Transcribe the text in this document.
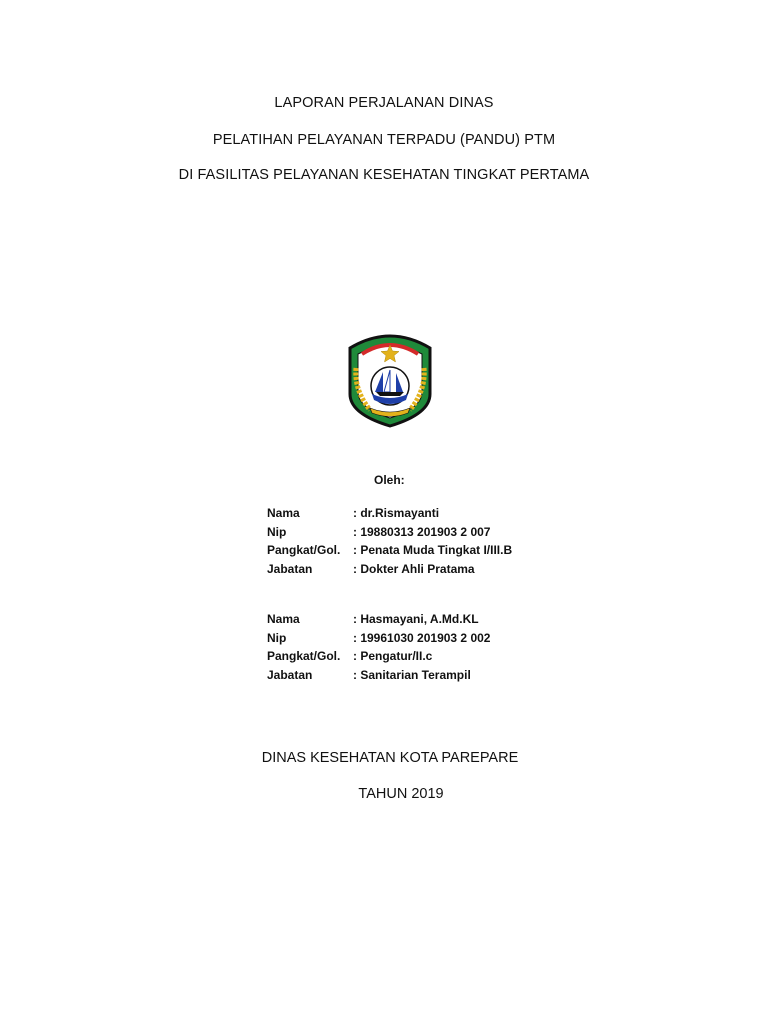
LAPORAN PERJALANAN DINAS
PELATIHAN PELAYANAN TERPADU (PANDU) PTM
DI FASILITAS PELAYANAN KESEHATAN TINGKAT PERTAMA
Oleh:
Nama	: dr.Rismayanti
Nip	: 19880313 201903 2 007
Pangkat/Gol. : Penata Muda Tingkat I/III.B
Jabatan	: Dokter Ahli Pratama
Nama	: Hasmayani, A.Md.KL
Nip	: 19961030 201903 2 002
Pangkat/Gol. : Pengatur/II.c
Jabatan	: Sanitarian Terampil
DINAS KESEHATAN KOTA PAREPARE
TAHUN 2019
